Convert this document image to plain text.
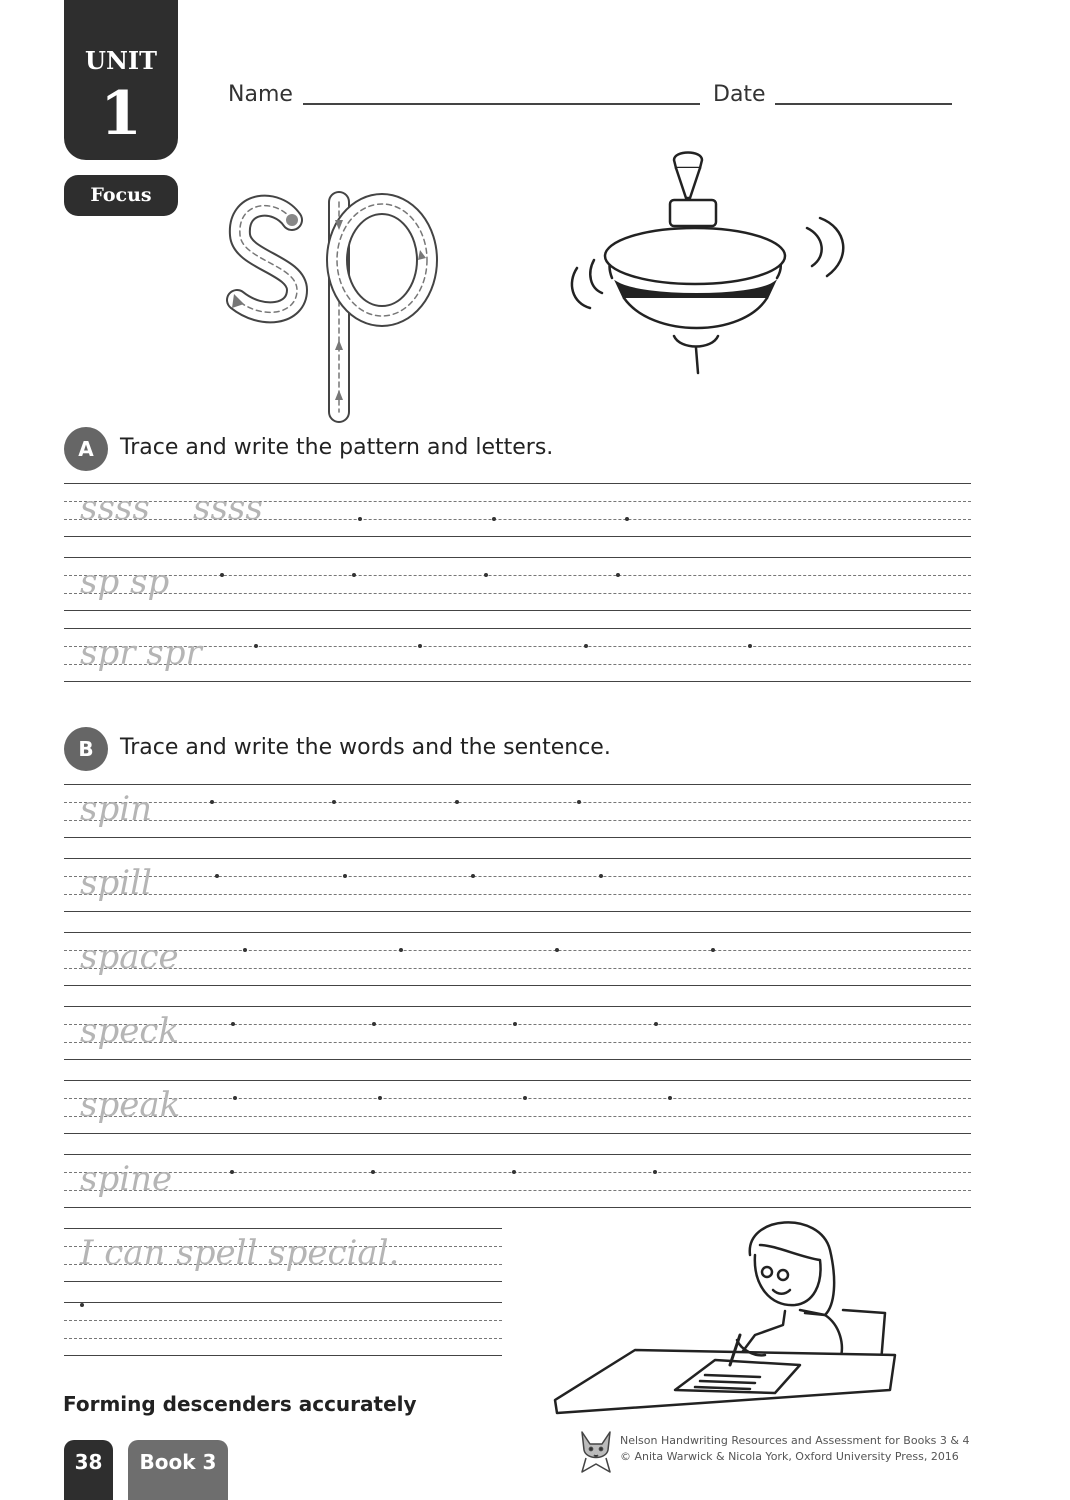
UNIT
1
Focus
Name	Date
A	Trace and write the pattern and letters.
ssss    ssss
sp sp
spr spr
B	Trace and write the words and the sentence.
spin
spill
space
speck
speak
spine
I can spell special.
Forming descenders accurately
38	Book 3
Nelson Handwriting Resources and Assessment for Books 3 & 4
© Anita Warwick & Nicola York, Oxford University Press, 2016
